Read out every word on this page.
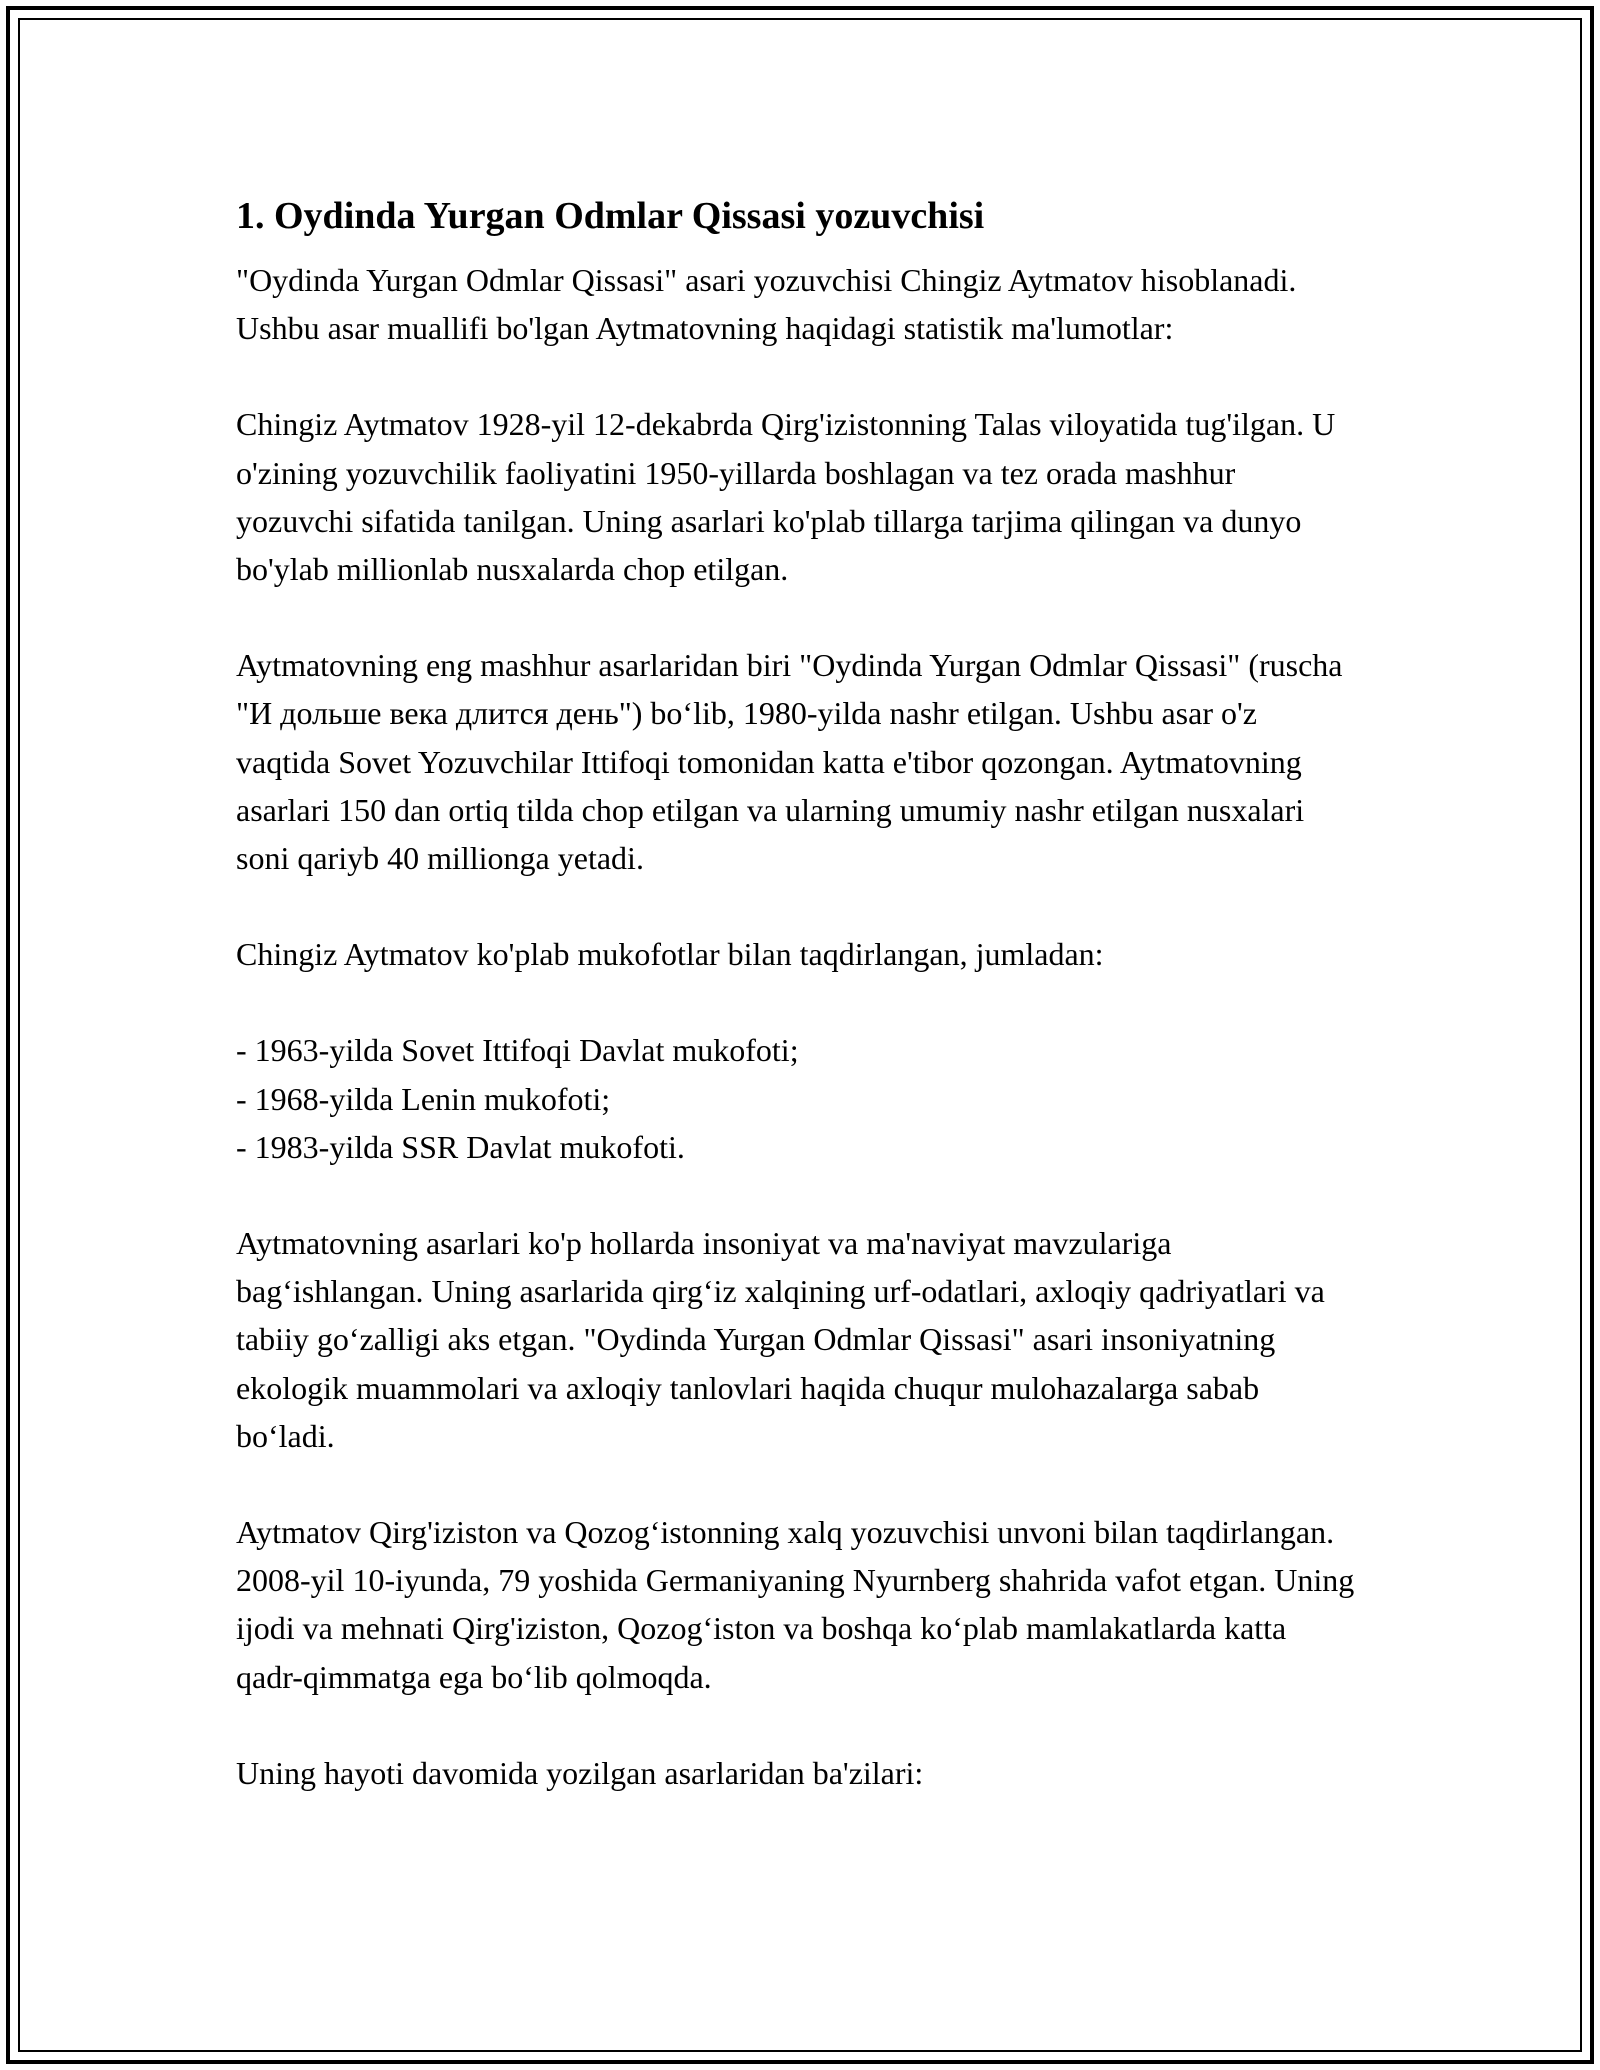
1. Oydinda Yurgan Odmlar Qissasi yozuvchisi

"Oydinda Yurgan Odmlar Qissasi" asari yozuvchisi Chingiz Aytmatov hisoblanadi. Ushbu asar muallifi bo'lgan Aytmatovning haqidagi statistik ma'lumotlar:

Chingiz Aytmatov 1928-yil 12-dekabrda Qirg'izistonning Talas viloyatida tug'ilgan. U o'zining yozuvchilik faoliyatini 1950-yillarda boshlagan va tez orada mashhur yozuvchi sifatida tanilgan. Uning asarlari ko'plab tillarga tarjima qilingan va dunyo bo'ylab millionlab nusxalarda chop etilgan.

Aytmatovning eng mashhur asarlaridan biri "Oydinda Yurgan Odmlar Qissasi" (ruscha "И дольше века длится день") boʻlib, 1980-yilda nashr etilgan. Ushbu asar o'z vaqtida Sovet Yozuvchilar Ittifoqi tomonidan katta e'tibor qozongan. Aytmatovning asarlari 150 dan ortiq tilda chop etilgan va ularning umumiy nashr etilgan nusxalari soni qariyb 40 millionga yetadi.

Chingiz Aytmatov ko'plab mukofotlar bilan taqdirlangan, jumladan:

- 1963-yilda Sovet Ittifoqi Davlat mukofoti;
- 1968-yilda Lenin mukofoti;
- 1983-yilda SSR Davlat mukofoti.

Aytmatovning asarlari ko'p hollarda insoniyat va ma'naviyat mavzulariga bagʻishlangan. Uning asarlarida qirgʻiz xalqining urf-odatlari, axloqiy qadriyatlari va tabiiy goʻzalligi aks etgan. "Oydinda Yurgan Odmlar Qissasi" asari insoniyatning ekologik muammolari va axloqiy tanlovlari haqida chuqur mulohazalarga sabab boʻladi.

Aytmatov Qirg'iziston va Qozogʻistonning xalq yozuvchisi unvoni bilan taqdirlangan. 2008-yil 10-iyunda, 79 yoshida Germaniyaning Nyurnberg shahrida vafot etgan. Uning ijodi va mehnati Qirg'iziston, Qozogʻiston va boshqa koʻplab mamlakatlarda katta qadr-qimmatga ega boʻlib qolmoqda.

Uning hayoti davomida yozilgan asarlaridan ba'zilari:
